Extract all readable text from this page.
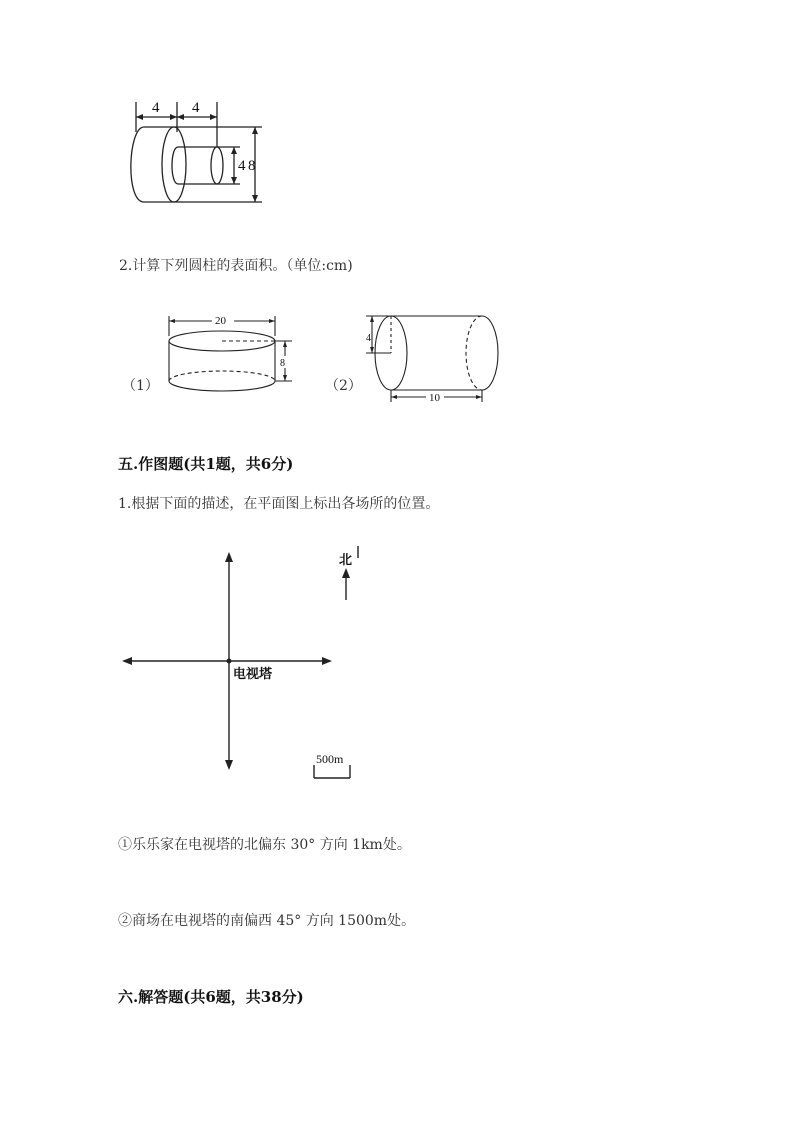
4 4
4 8
2.计算下列圆柱的表面积。（单位:cm)
（1）
20
8
（2）
4
10
五.作图题(共1题，共6分)
1.根据下面的描述，在平面图上标出各场所的位置。
北
电视塔
500m
①乐乐家在电视塔的北偏东 30° 方向 1km处。
②商场在电视塔的南偏西 45° 方向 1500m处。
六.解答题(共6题，共38分)
